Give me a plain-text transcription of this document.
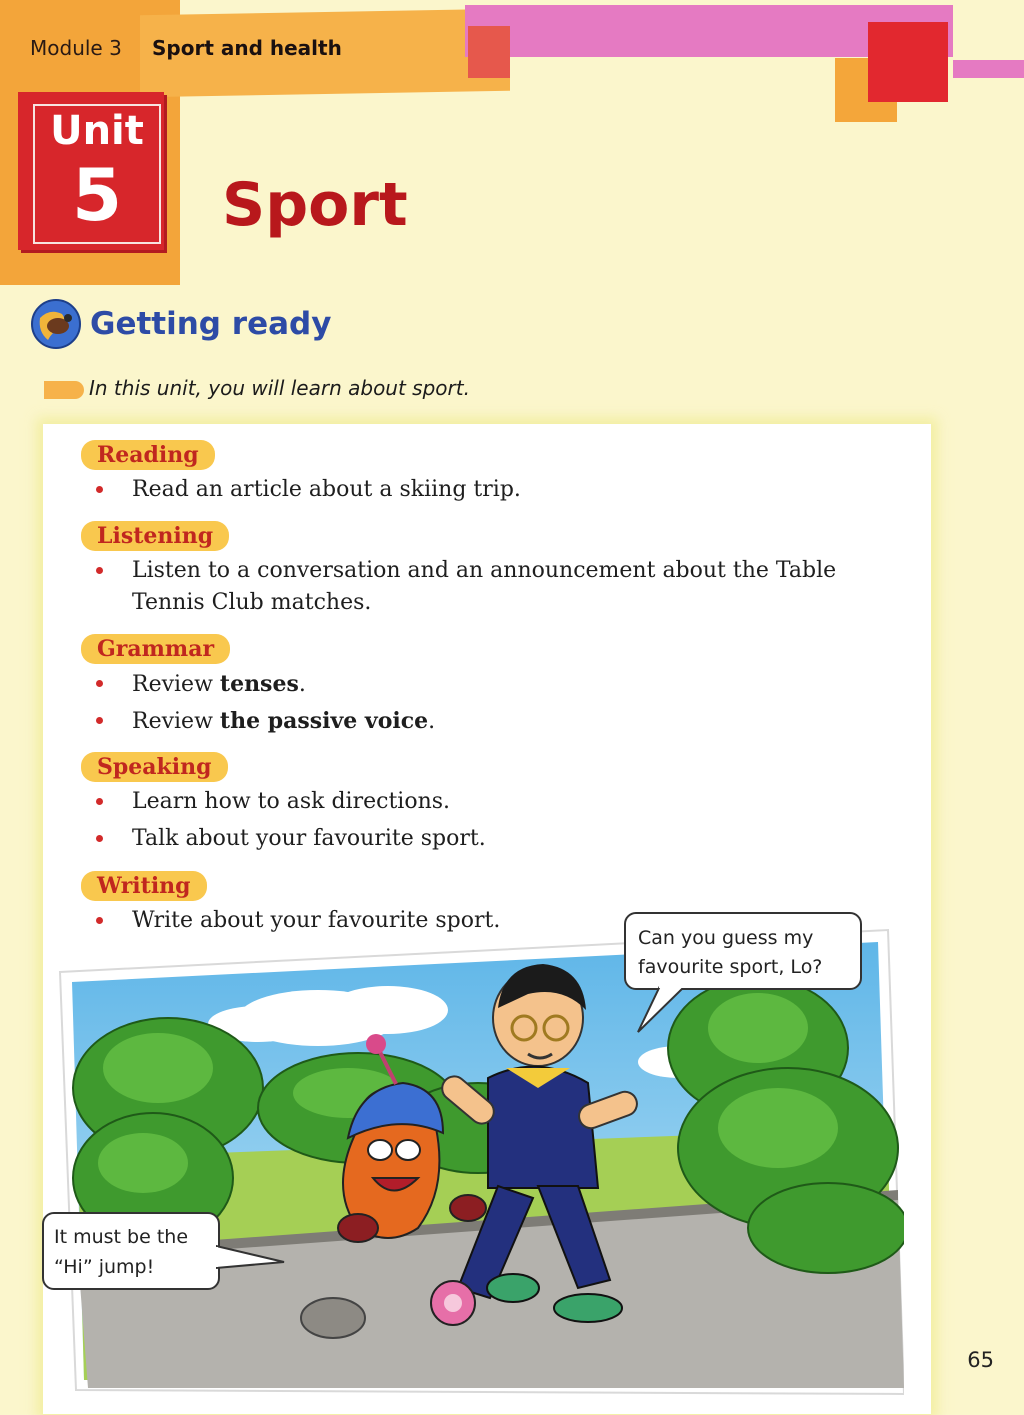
Module 3 Sport and health
Unit
5	Sport
Getting ready
In this unit, you will learn about sport.
Reading
Read an article about a skiing trip.
Listening
Listen to a conversation and an announcement about the Table
Tennis Club matches.
Grammar
Review tenses.
Review the passive voice.
Speaking
Learn how to ask directions.
Talk about your favourite sport.
Writing
Write about your favourite sport.
Can you guess my
favourite sport, Lo?
It must be the
“Hi” jump!
65
